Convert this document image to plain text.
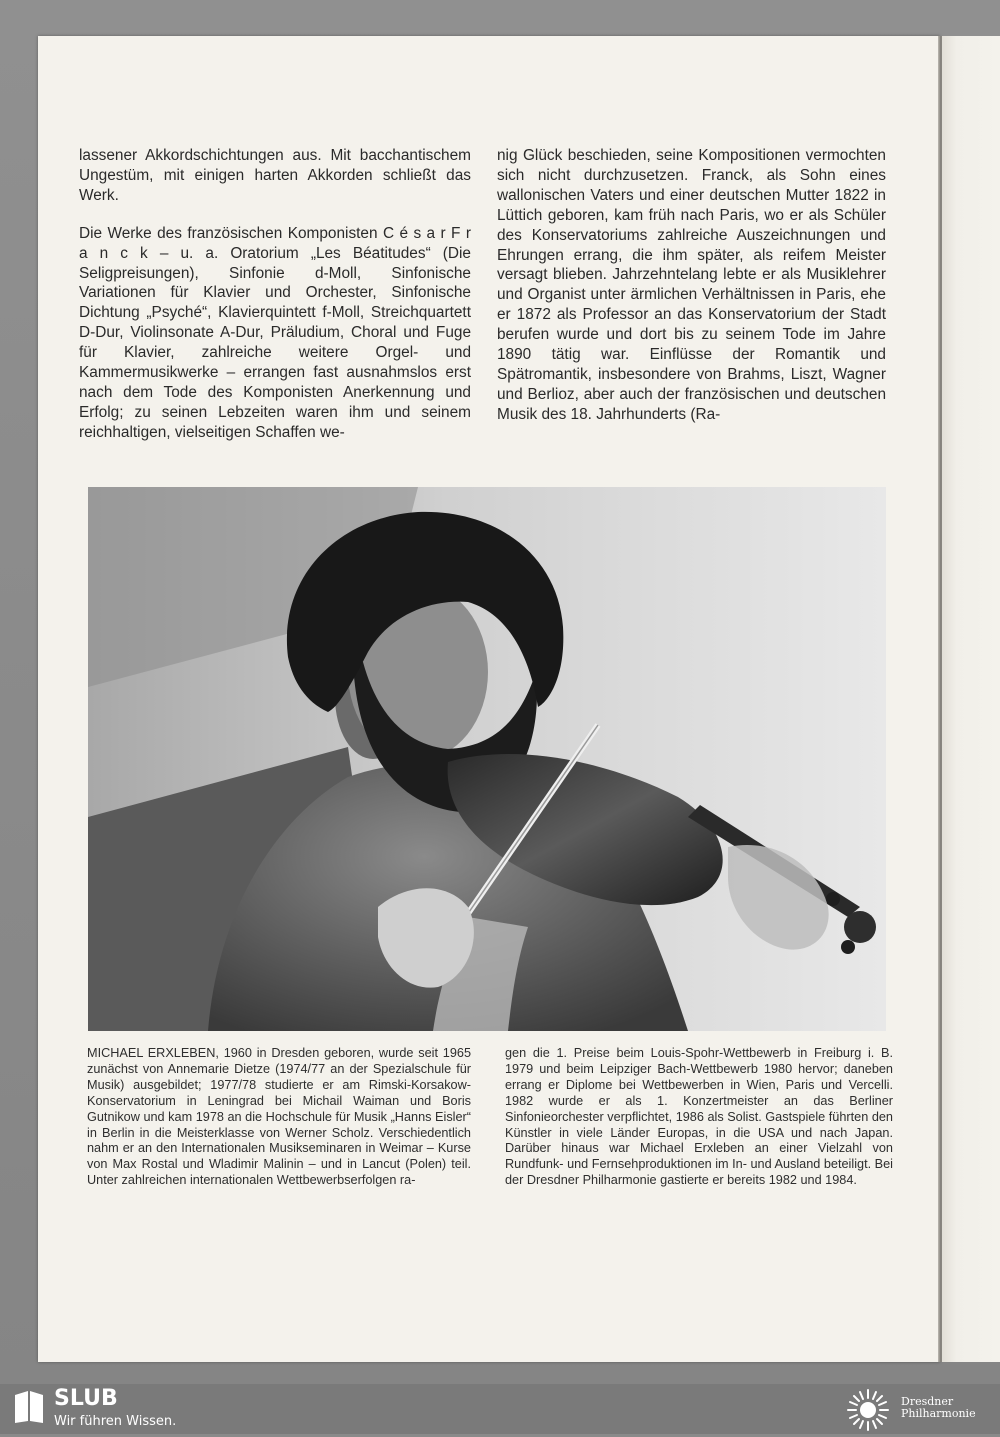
lassener Akkordschichtungen aus. Mit bacchantischem Ungestüm, mit einigen harten Akkorden schließt das Werk.

Die Werke des französischen Komponisten C é s a r F r a n c k – u. a. Oratorium „Les Béatitudes“ (Die Seligpreisungen), Sinfonie d-Moll, Sinfonische Variationen für Klavier und Orchester, Sinfonische Dichtung „Psyché“, Klavierquintett f-Moll, Streichquartett D-Dur, Violinsonate A-Dur, Präludium, Choral und Fuge für Klavier, zahlreiche weitere Orgel- und Kammermusikwerke – errangen fast ausnahmslos erst nach dem Tode des Komponisten Anerkennung und Erfolg; zu seinen Lebzeiten waren ihm und seinem reichhaltigen, vielseitigen Schaffen we-

nig Glück beschieden, seine Kompositionen vermochten sich nicht durchzusetzen. Franck, als Sohn eines wallonischen Vaters und einer deutschen Mutter 1822 in Lüttich geboren, kam früh nach Paris, wo er als Schüler des Konservatoriums zahlreiche Auszeichnungen und Ehrungen errang, die ihm später, als reifem Meister versagt blieben. Jahrzehntelang lebte er als Musiklehrer und Organist unter ärmlichen Verhältnissen in Paris, ehe er 1872 als Professor an das Konservatorium der Stadt berufen wurde und dort bis zu seinem Tode im Jahre 1890 tätig war. Einflüsse der Romantik und Spätromantik, insbesondere von Brahms, Liszt, Wagner und Berlioz, aber auch der französischen und deutschen Musik des 18. Jahrhunderts (Ra-

MICHAEL ERXLEBEN, 1960 in Dresden geboren, wurde seit 1965 zunächst von Annemarie Dietze (1974/77 an der Spezialschule für Musik) ausgebildet; 1977/78 studierte er am Rimski-Korsakow-Konservatorium in Leningrad bei Michail Waiman und Boris Gutnikow und kam 1978 an die Hochschule für Musik „Hanns Eisler“ in Berlin in die Meisterklasse von Werner Scholz. Verschiedentlich nahm er an den Internationalen Musikseminaren in Weimar – Kurse von Max Rostal und Wladimir Malinin – und in Lancut (Polen) teil. Unter zahlreichen internationalen Wettbewerbserfolgen ra-
gen die 1. Preise beim Louis-Spohr-Wettbewerb in Freiburg i. B. 1979 und beim Leipziger Bach-Wettbewerb 1980 hervor; daneben errang er Diplome bei Wettbewerben in Wien, Paris und Vercelli. 1982 wurde er als 1. Konzertmeister an das Berliner Sinfonieorchester verpflichtet, 1986 als Solist. Gastspiele führten den Künstler in viele Länder Europas, in die USA und nach Japan. Darüber hinaus war Michael Erxleben an einer Vielzahl von Rundfunk- und Fernsehproduktionen im In- und Ausland beteiligt. Bei der Dresdner Philharmonie gastierte er bereits 1982 und 1984.
SLUB
Wir führen Wissen.
Dresdner
Philharmonie
